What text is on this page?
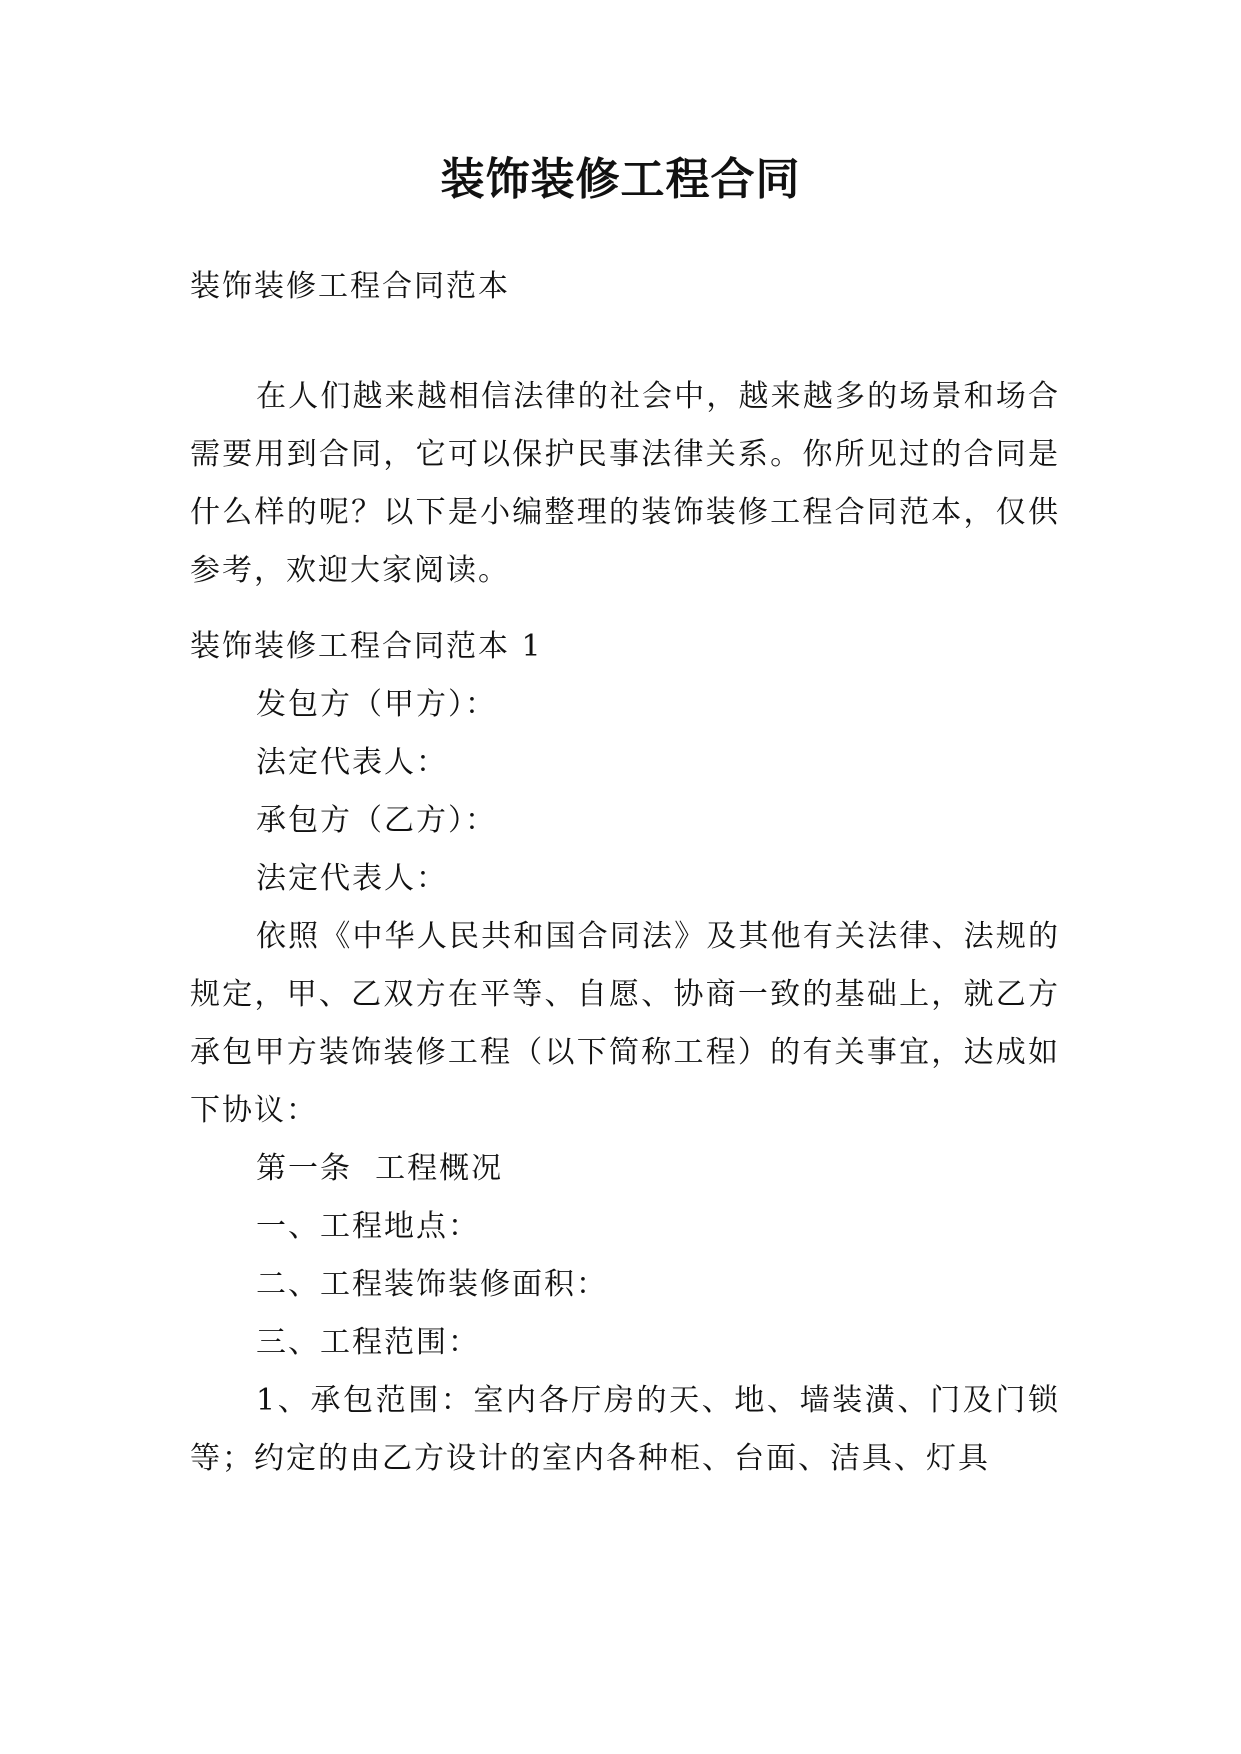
装饰装修工程合同

装饰装修工程合同范本

在人们越来越相信法律的社会中，越来越多的场景和场合需要用到合同，它可以保护民事法律关系。你所见过的合同是什么样的呢？以下是小编整理的装饰装修工程合同范本，仅供参考，欢迎大家阅读。

装饰装修工程合同范本 1

发包方（甲方）：

法定代表人：

承包方（乙方）：

法定代表人：

依照《中华人民共和国合同法》及其他有关法律、法规的规定，甲、乙双方在平等、自愿、协商一致的基础上，就乙方承包甲方装饰装修工程（以下简称工程）的有关事宜，达成如下协议：

第一条  工程概况

一、工程地点：

二、工程装饰装修面积：

三、工程范围：

1、承包范围：室内各厅房的天、地、墙装潢、门及门锁等；约定的由乙方设计的室内各种柜、台面、洁具、灯具
